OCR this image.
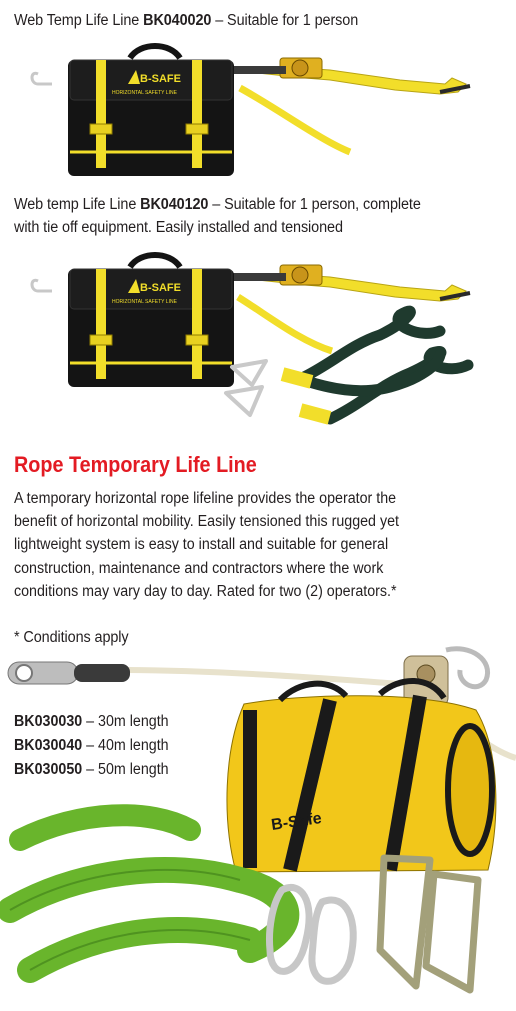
Web Temp Life Line BK040020 – Suitable for 1 person
B-SAFE
HORIZONTAL SAFETY LINE
Web temp Life Line BK040120 – Suitable for 1 person, complete
with tie off equipment. Easily installed and tensioned
B-SAFE
HORIZONTAL SAFETY LINE
Rope Temporary Life Line
A temporary horizontal rope lifeline provides the operator the
benefit of horizontal mobility. Easily tensioned this rugged yet
lightweight system is easy to install and suitable for general
construction, maintenance and contractors where the work
conditions may vary day to day. Rated for two (2) operators.*
* Conditions apply
B-Safe
BK030030 – 30m length
BK030040 – 40m length
BK030050 – 50m length
